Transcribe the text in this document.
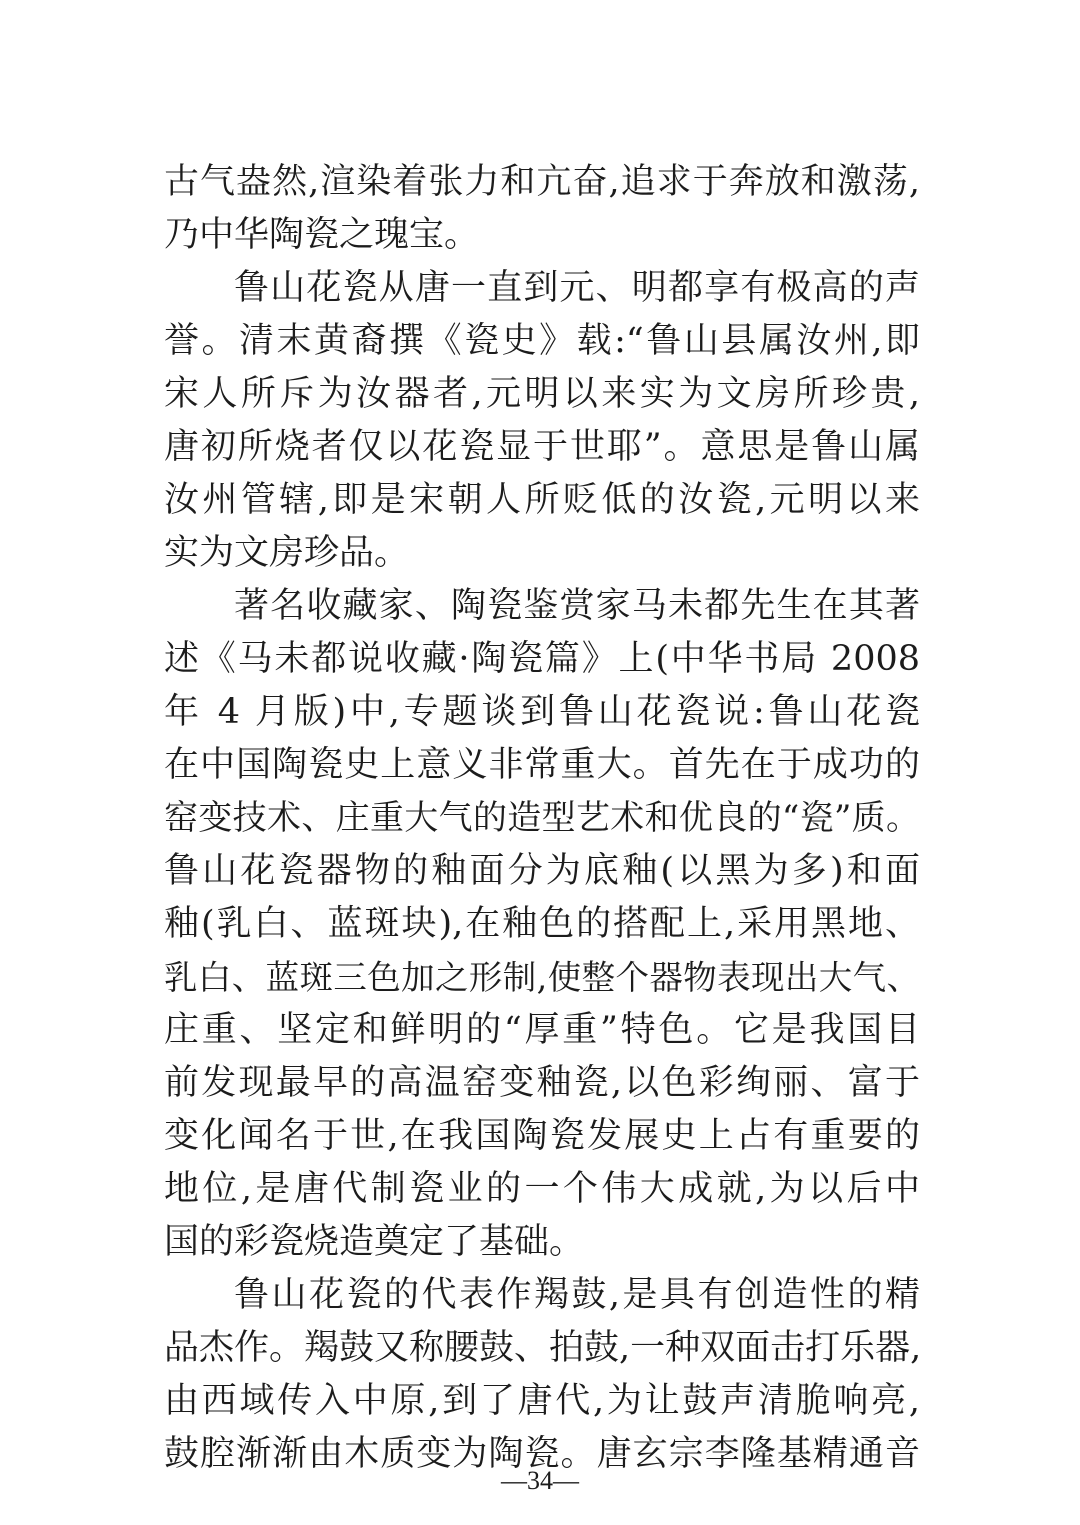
古气盎然,渲染着张力和亢奋,追求于奔放和激荡,
乃中华陶瓷之瑰宝。
鲁山花瓷从唐一直到元、明都享有极高的声
誉。清末黄裔撰《瓷史》载:“鲁山县属汝州,即
宋人所斥为汝器者,元明以来实为文房所珍贵,
唐初所烧者仅以花瓷显于世耶”。意思是鲁山属
汝州管辖,即是宋朝人所贬低的汝瓷,元明以来
实为文房珍品。
著名收藏家、陶瓷鉴赏家马未都先生在其著
述《马未都说收藏·陶瓷篇》上(中华书局 2008
年 4 月版)中,专题谈到鲁山花瓷说:鲁山花瓷
在中国陶瓷史上意义非常重大。首先在于成功的
窑变技术、庄重大气的造型艺术和优良的“瓷”质。
鲁山花瓷器物的釉面分为底釉(以黑为多)和面
釉(乳白、蓝斑块),在釉色的搭配上,采用黑地、
乳白、蓝斑三色加之形制,使整个器物表现出大气、
庄重、坚定和鲜明的“厚重”特色。它是我国目
前发现最早的高温窑变釉瓷,以色彩绚丽、富于
变化闻名于世,在我国陶瓷发展史上占有重要的
地位,是唐代制瓷业的一个伟大成就,为以后中
国的彩瓷烧造奠定了基础。
鲁山花瓷的代表作羯鼓,是具有创造性的精
品杰作。羯鼓又称腰鼓、拍鼓,一种双面击打乐器,
由西域传入中原,到了唐代,为让鼓声清脆响亮,
鼓腔渐渐由木质变为陶瓷。唐玄宗李隆基精通音
—34—
